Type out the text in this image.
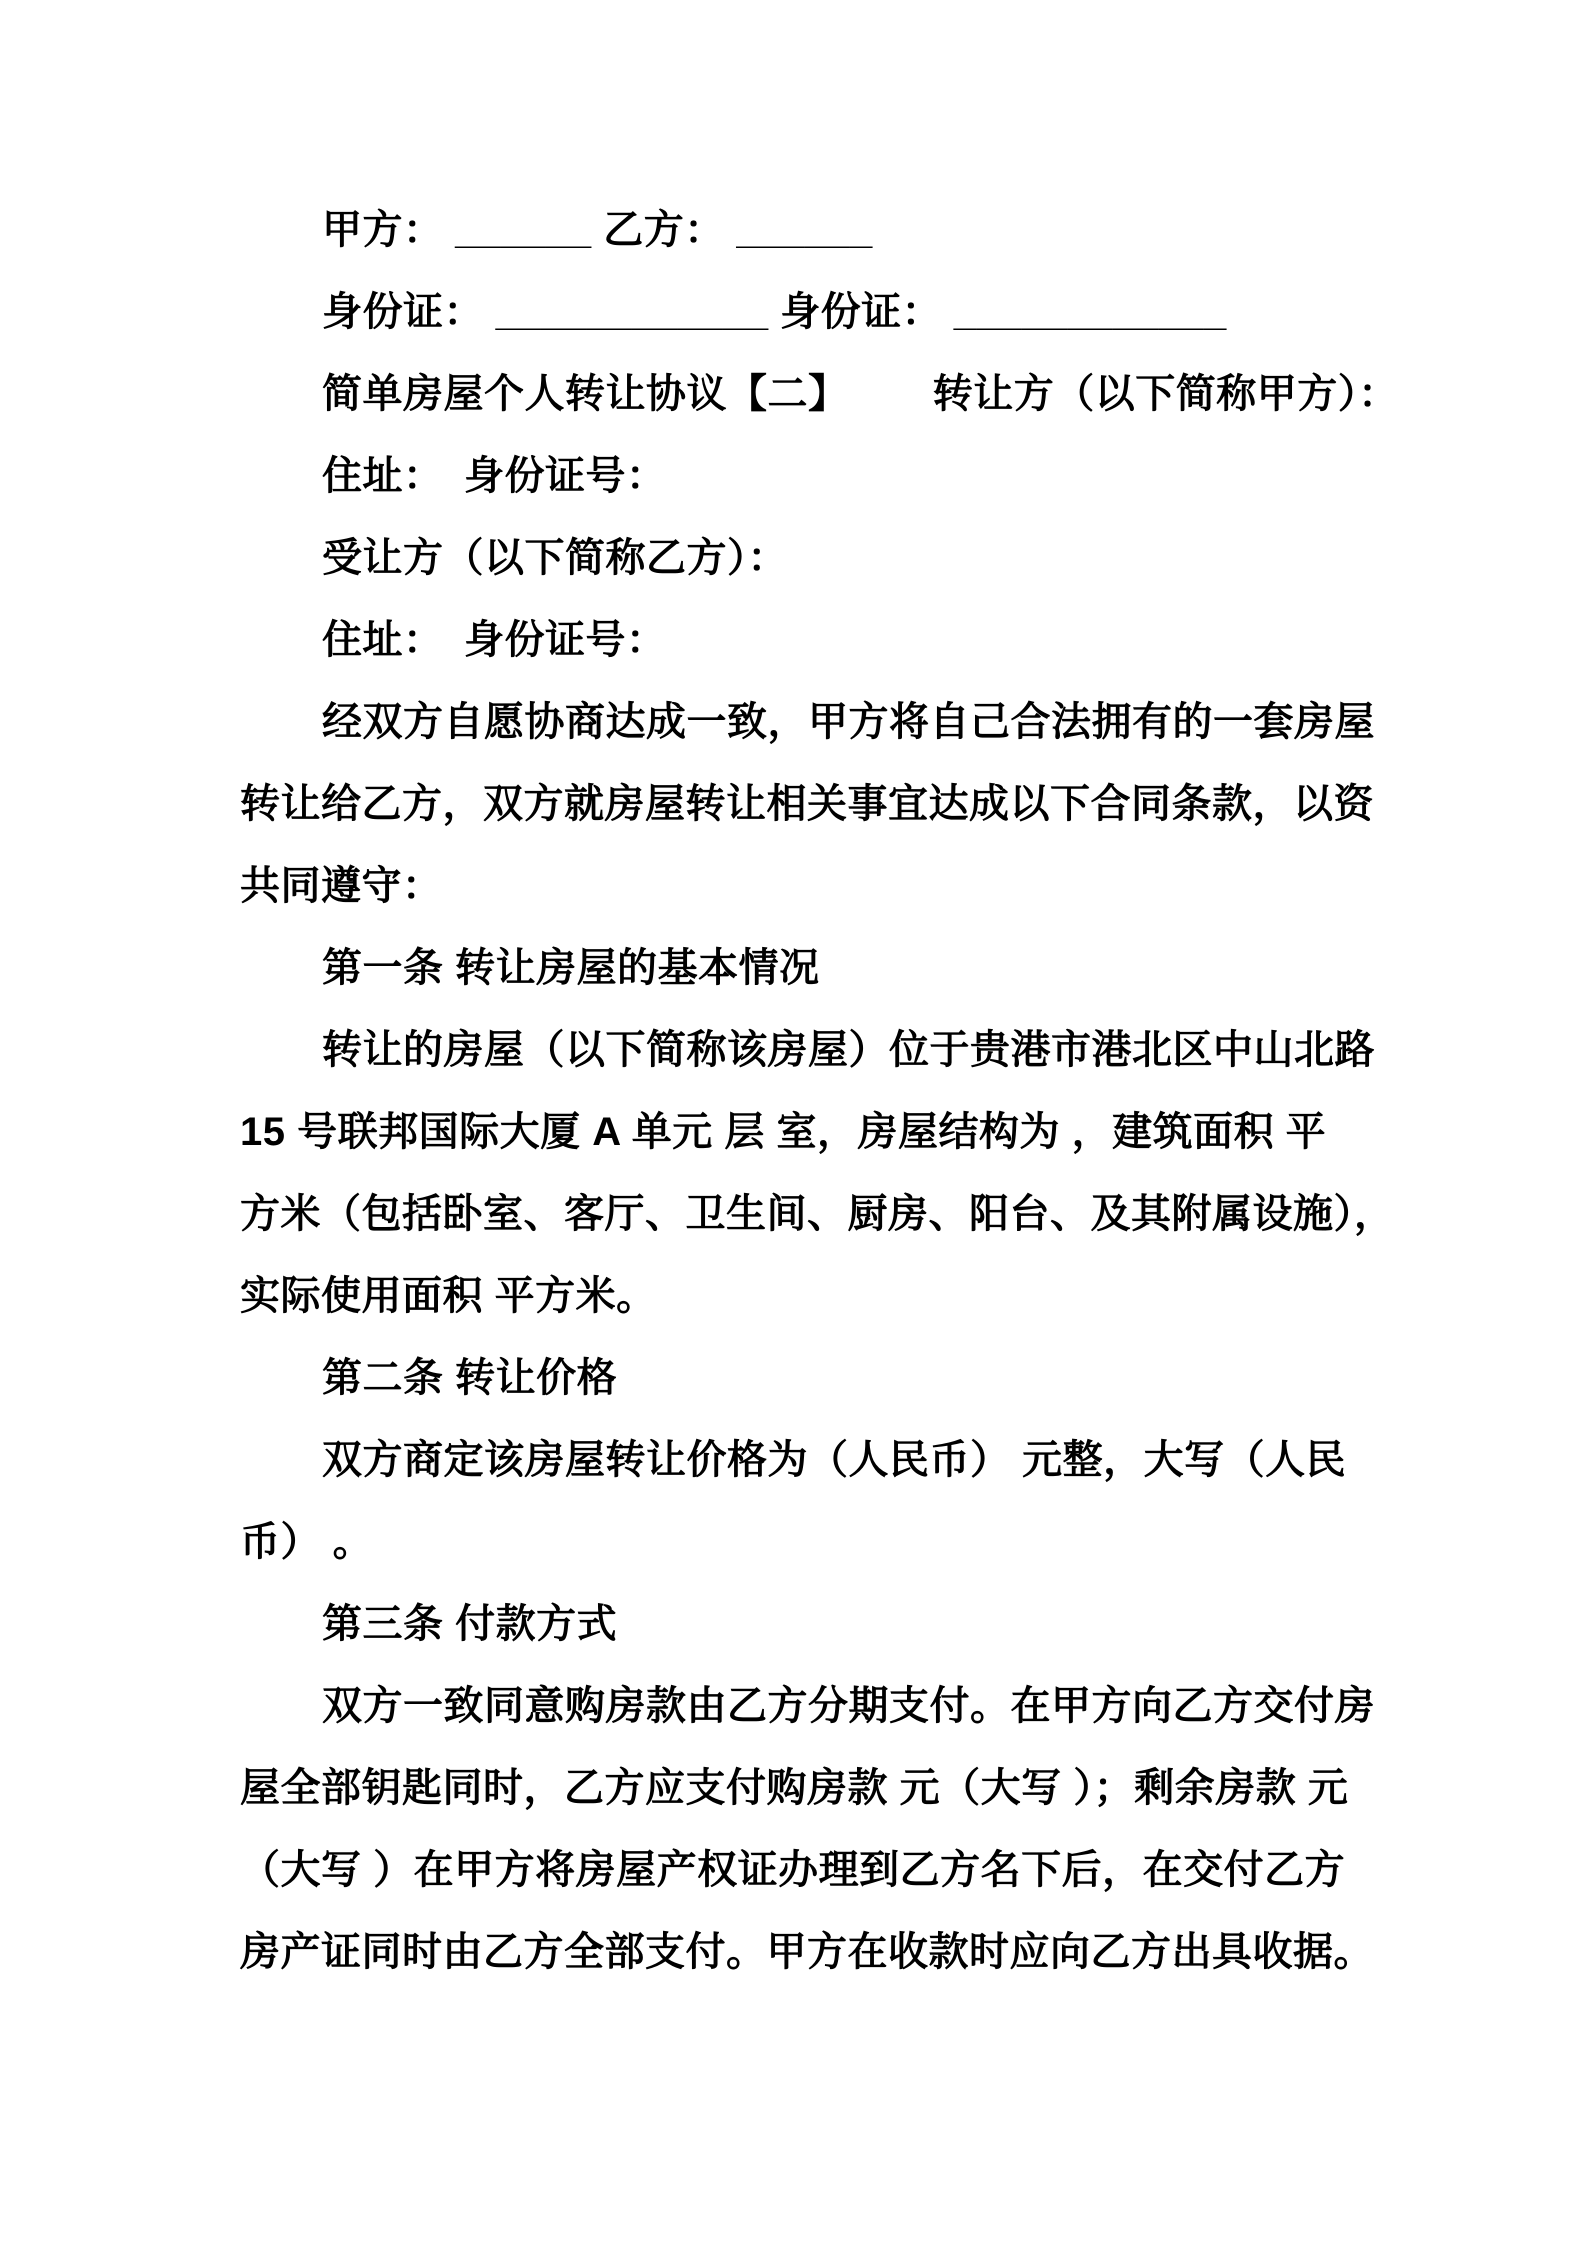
甲方： ______ 乙方： ______
身份证： ____________ 身份证： ____________
简单房屋个人转让协议【二】　　  转让方（以下简称甲方）：
住址：　身份证号：
受让方（以下简称乙方）：
住址：　身份证号：
经双方自愿协商达成一致，甲方将自己合法拥有的一套房屋
转让给乙方，双方就房屋转让相关事宜达成以下合同条款，以资
共同遵守：
第一条 转让房屋的基本情况
转让的房屋（以下简称该房屋）位于贵港市港北区中山北路
15 号联邦国际大厦 A 单元 层 室，房屋结构为 ，建筑面积 平
方米（包括卧室、客厅、卫生间、厨房、阳台、及其附属设施），
实际使用面积 平方米。
第二条 转让价格
双方商定该房屋转让价格为（人民币） 元整，大写（人民
币） 。
第三条 付款方式
双方一致同意购房款由乙方分期支付。在甲方向乙方交付房
屋全部钥匙同时，乙方应支付购房款 元（大写 ）；剩余房款 元
（大写 ）在甲方将房屋产权证办理到乙方名下后，在交付乙方
房产证同时由乙方全部支付。甲方在收款时应向乙方出具收据。
